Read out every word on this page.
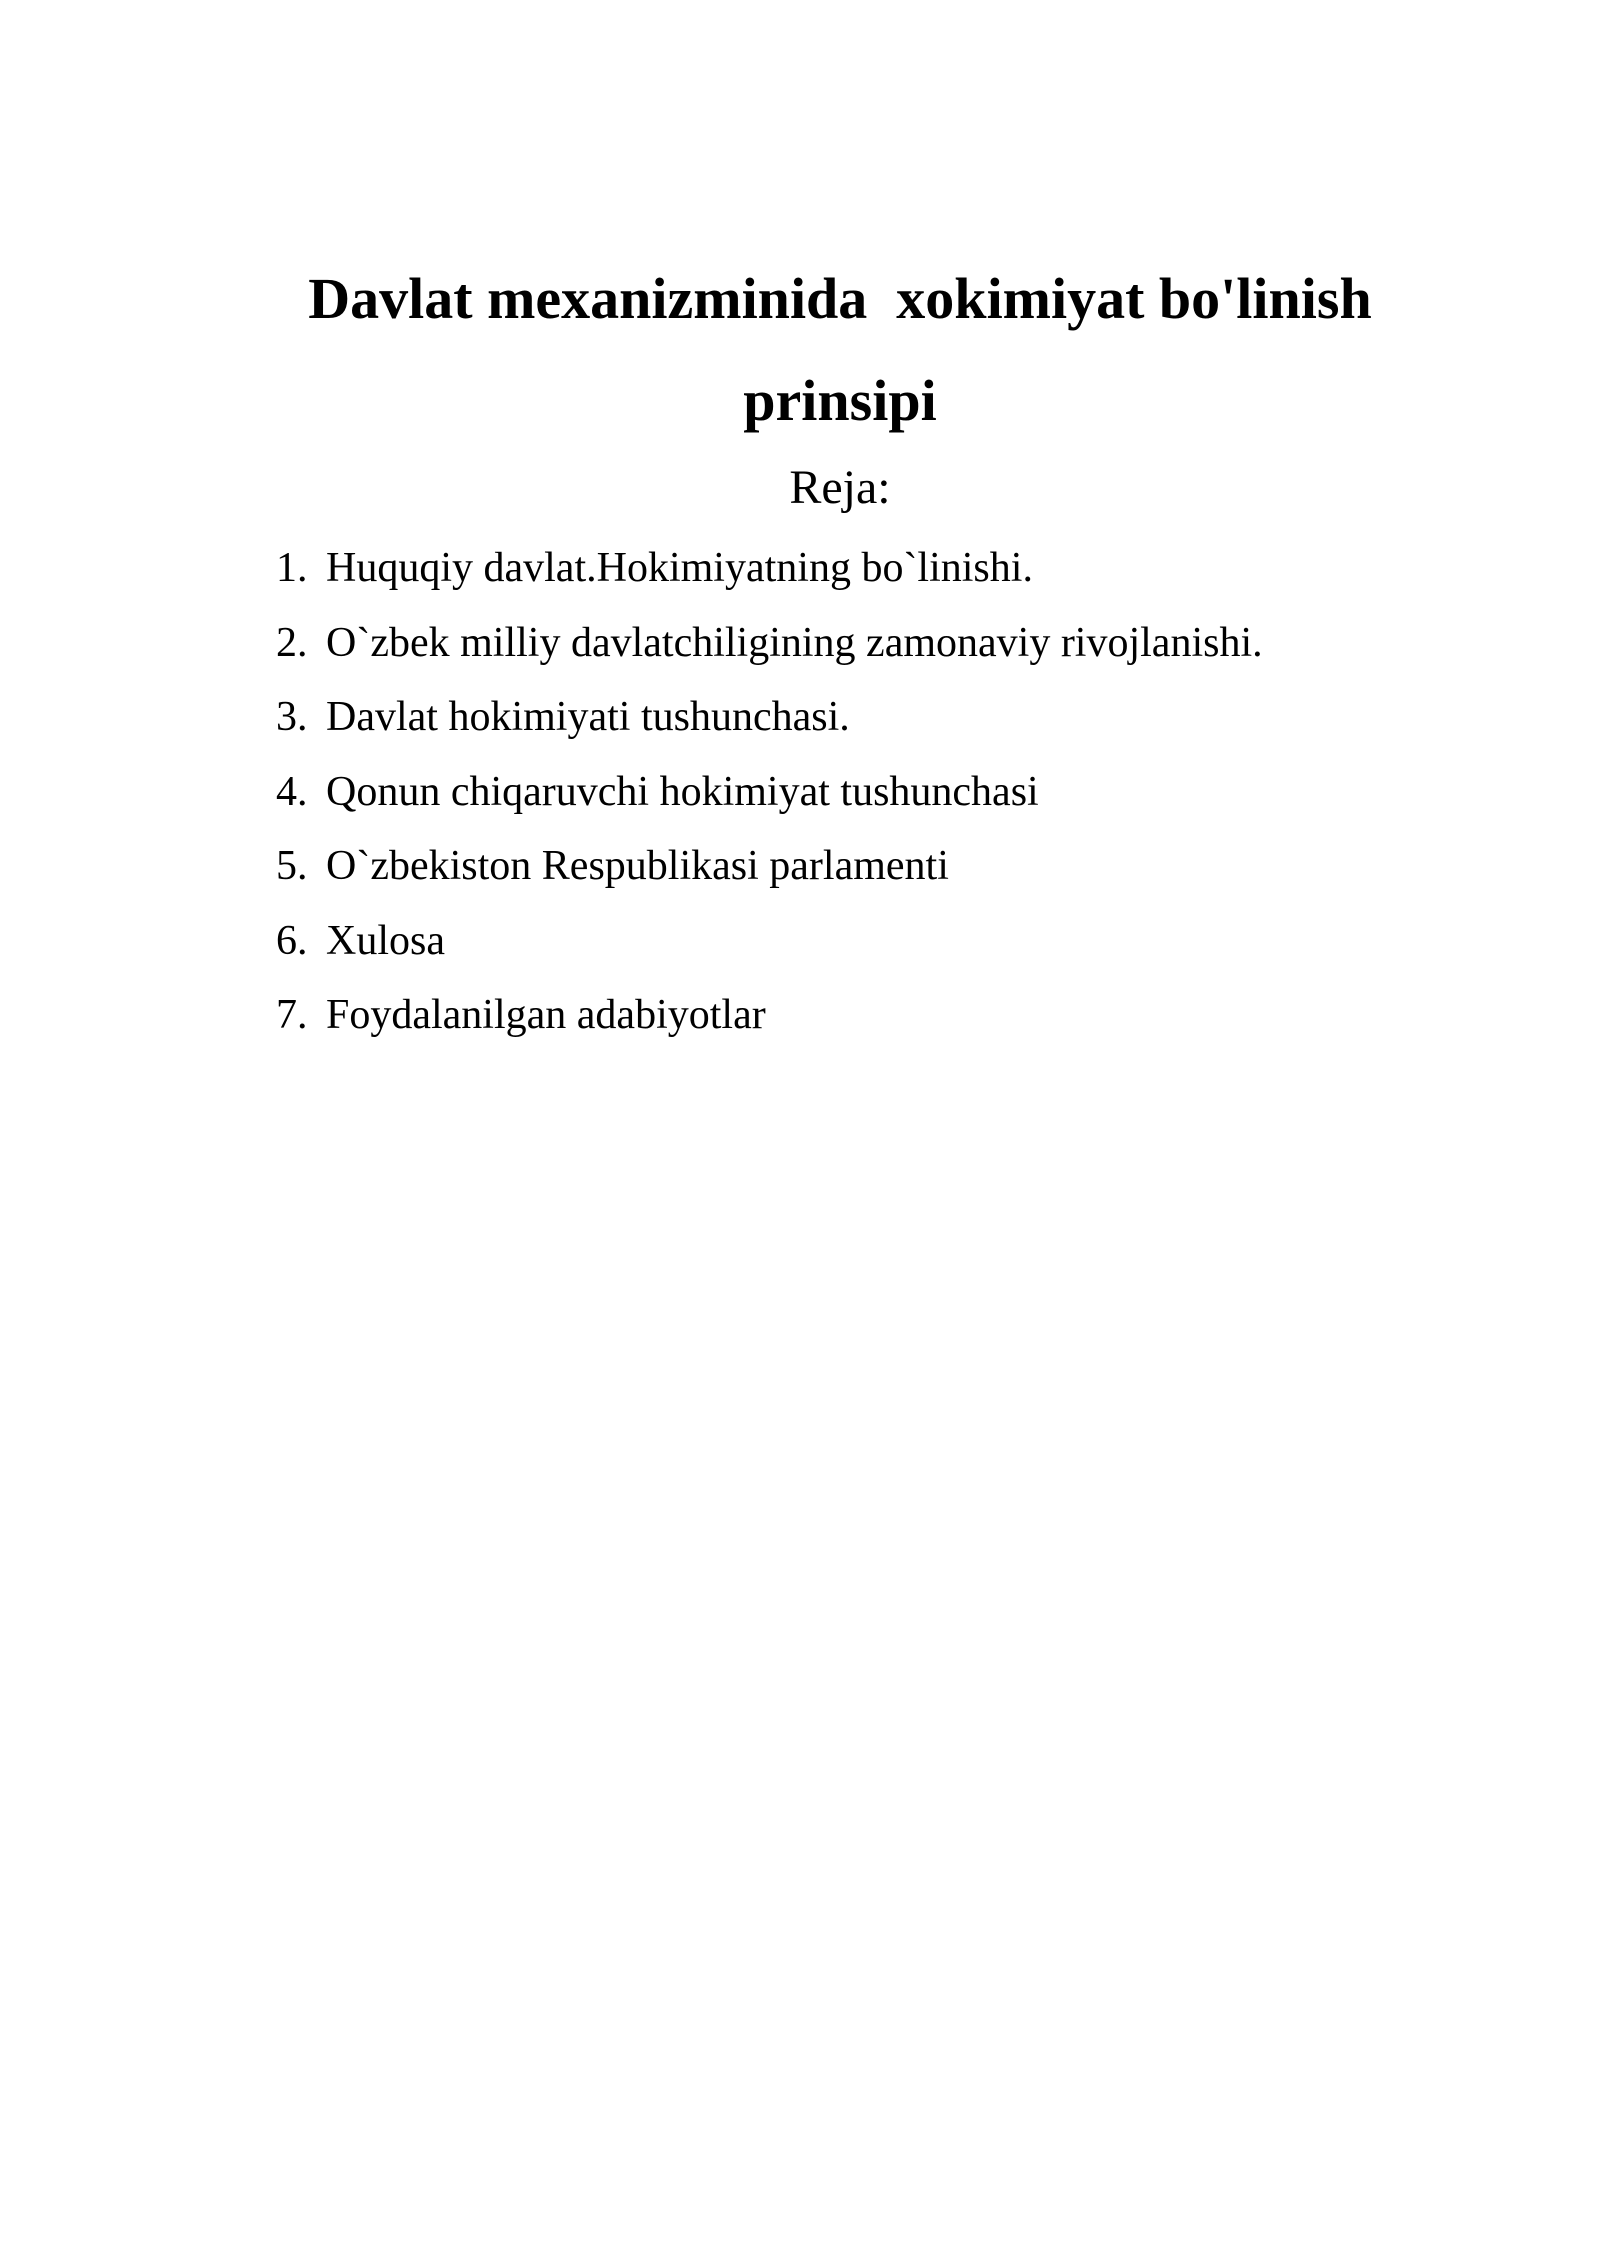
Davlat mexanizminida  xokimiyat bo'linish

prinsipi

Reja:

1. Huquqiy davlat.Hokimiyatning bo`linishi.
2. O`zbek milliy davlatchiligining zamonaviy rivojlanishi.
3. Davlat hokimiyati tushunchasi.
4. Qonun chiqaruvchi hokimiyat tushunchasi
5. O`zbekiston Respublikasi parlamenti
6. Xulosa
7. Foydalanilgan adabiyotlar
